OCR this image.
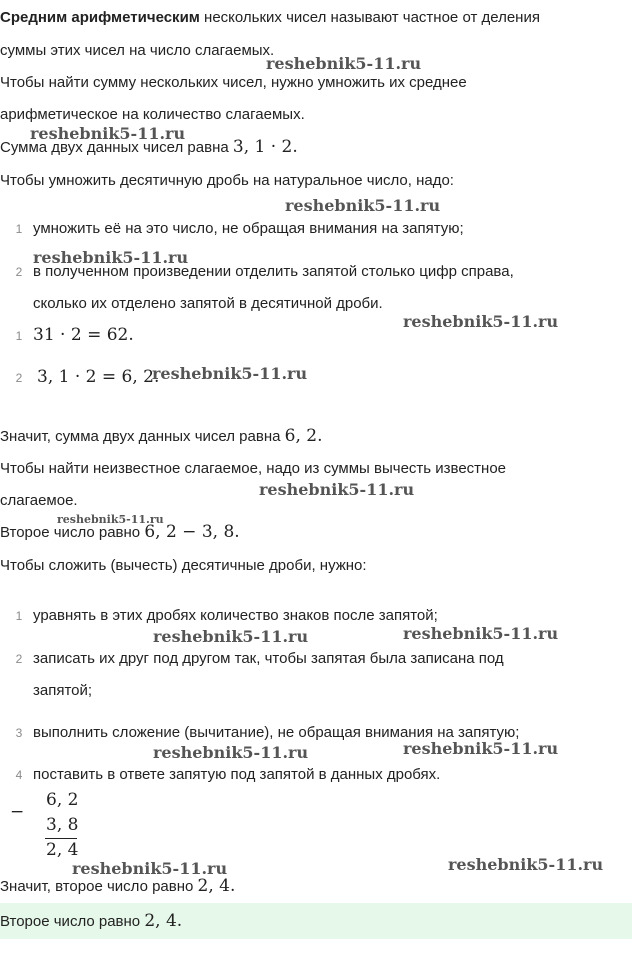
Средним арифметическим нескольких чисел называют частное от деления
суммы этих чисел на число слагаемых.
Чтобы найти сумму нескольких чисел, нужно умножить их среднее
арифметическое на количество слагаемых.
Сумма двух данных чисел равна 3, 1 · 2.
Чтобы умножить десятичную дробь на натуральное число, надо:
1 умножить её на это число, не обращая внимания на запятую;
2 в полученном произведении отделить запятой столько цифр справа,
сколько их отделено запятой в десятичной дроби.
1 31 · 2 = 62.
2 3, 1 · 2 = 6, 2.
Значит, сумма двух данных чисел равна 6, 2.
Чтобы найти неизвестное слагаемое, надо из суммы вычесть известное
слагаемое.
Второе число равно 6, 2 − 3, 8.
Чтобы сложить (вычесть) десятичные дроби, нужно:
1 уравнять в этих дробях количество знаков после запятой;
2 записать их друг под другом так, чтобы запятая была записана под
запятой;
3 выполнить сложение (вычитание), не обращая внимания на запятую;
4 поставить в ответе запятую под запятой в данных дробях.
−
6, 2
3, 8
2, 4
Значит, второе число равно 2, 4.
Второе число равно 2, 4.
reshebnik5-11.ru
reshebnik5-11.ru
reshebnik5-11.ru
reshebnik5-11.ru
reshebnik5-11.ru
reshebnik5-11.ru
reshebnik5-11.ru
reshebnik5-11.ru
reshebnik5-11.ru	reshebnik5-11.ru
reshebnik5-11.ru	reshebnik5-11.ru
reshebnik5-11.ru	reshebnik5-11.ru
